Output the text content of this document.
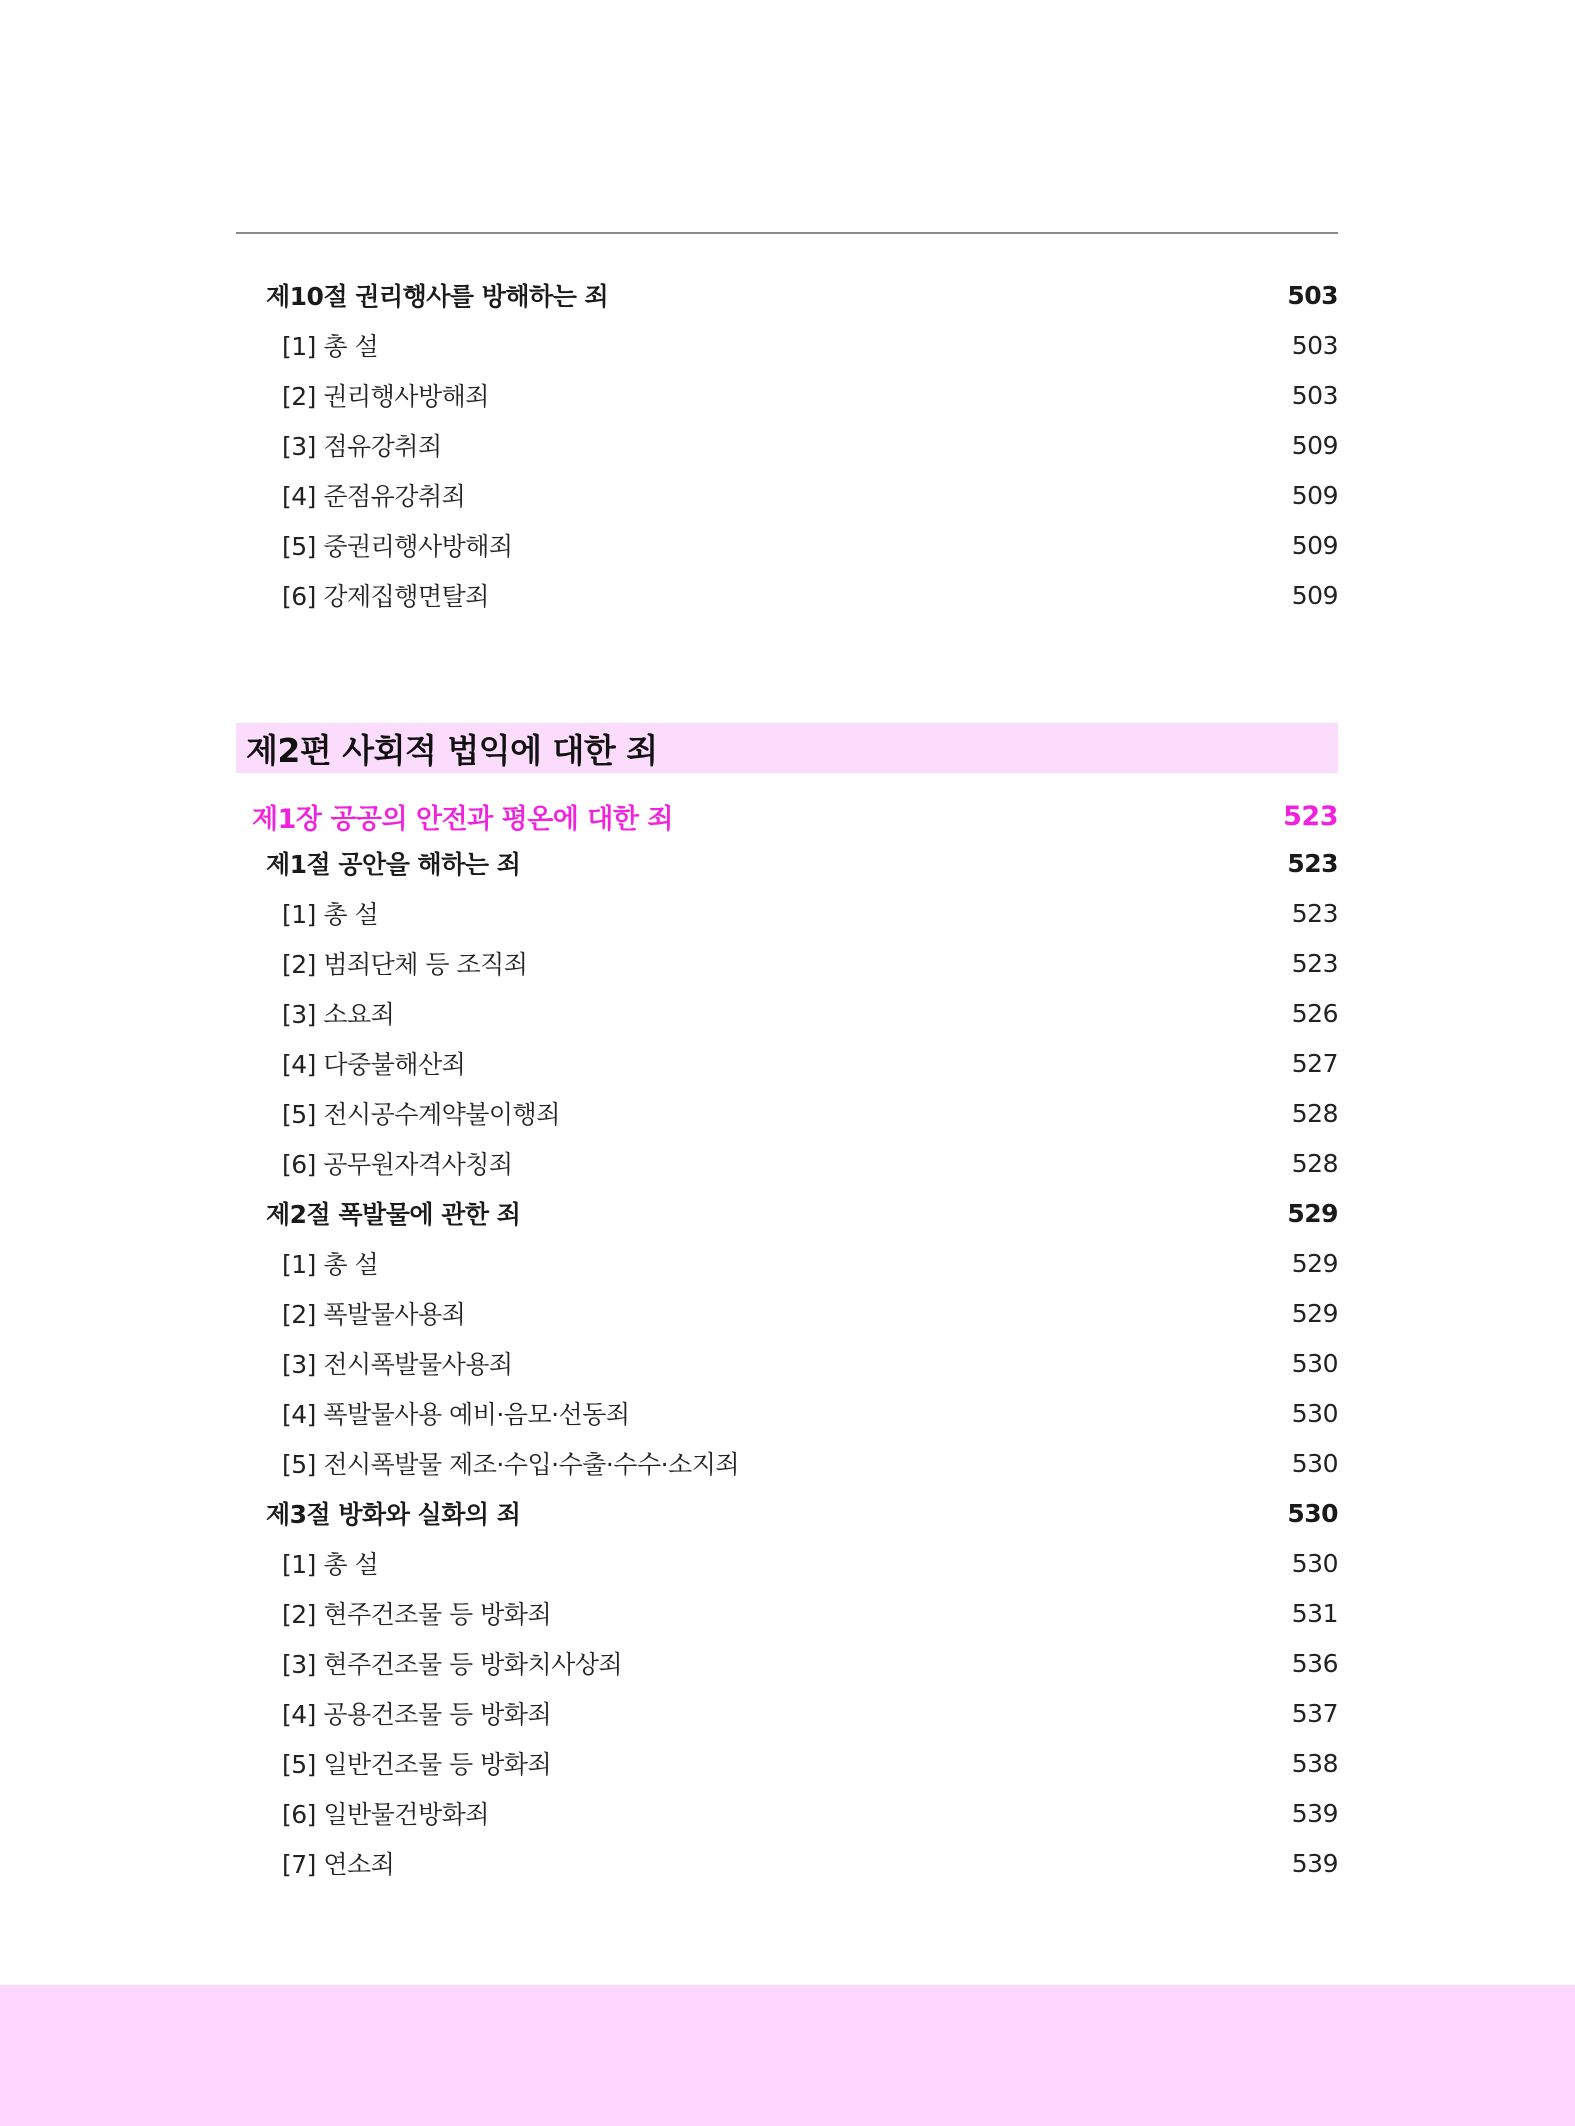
제10절 권리행사를 방해하는 죄	503
[1] 총 설	503
[2] 권리행사방해죄	503
[3] 점유강취죄	509
[4] 준점유강취죄	509
[5] 중권리행사방해죄	509
[6] 강제집행면탈죄	509
제2편 사회적 법익에 대한 죄
제1장 공공의 안전과 평온에 대한 죄	523
제1절 공안을 해하는 죄	523
[1] 총 설	523
[2] 범죄단체 등 조직죄	523
[3] 소요죄	526
[4] 다중불해산죄	527
[5] 전시공수계약불이행죄	528
[6] 공무원자격사칭죄	528
제2절 폭발물에 관한 죄	529
[1] 총 설	529
[2] 폭발물사용죄	529
[3] 전시폭발물사용죄	530
[4] 폭발물사용 예비·음모·선동죄	530
[5] 전시폭발물 제조·수입·수출·수수·소지죄	530
제3절 방화와 실화의 죄	530
[1] 총 설	530
[2] 현주건조물 등 방화죄	531
[3] 현주건조물 등 방화치사상죄	536
[4] 공용건조물 등 방화죄	537
[5] 일반건조물 등 방화죄	538
[6] 일반물건방화죄	539
[7] 연소죄	539
